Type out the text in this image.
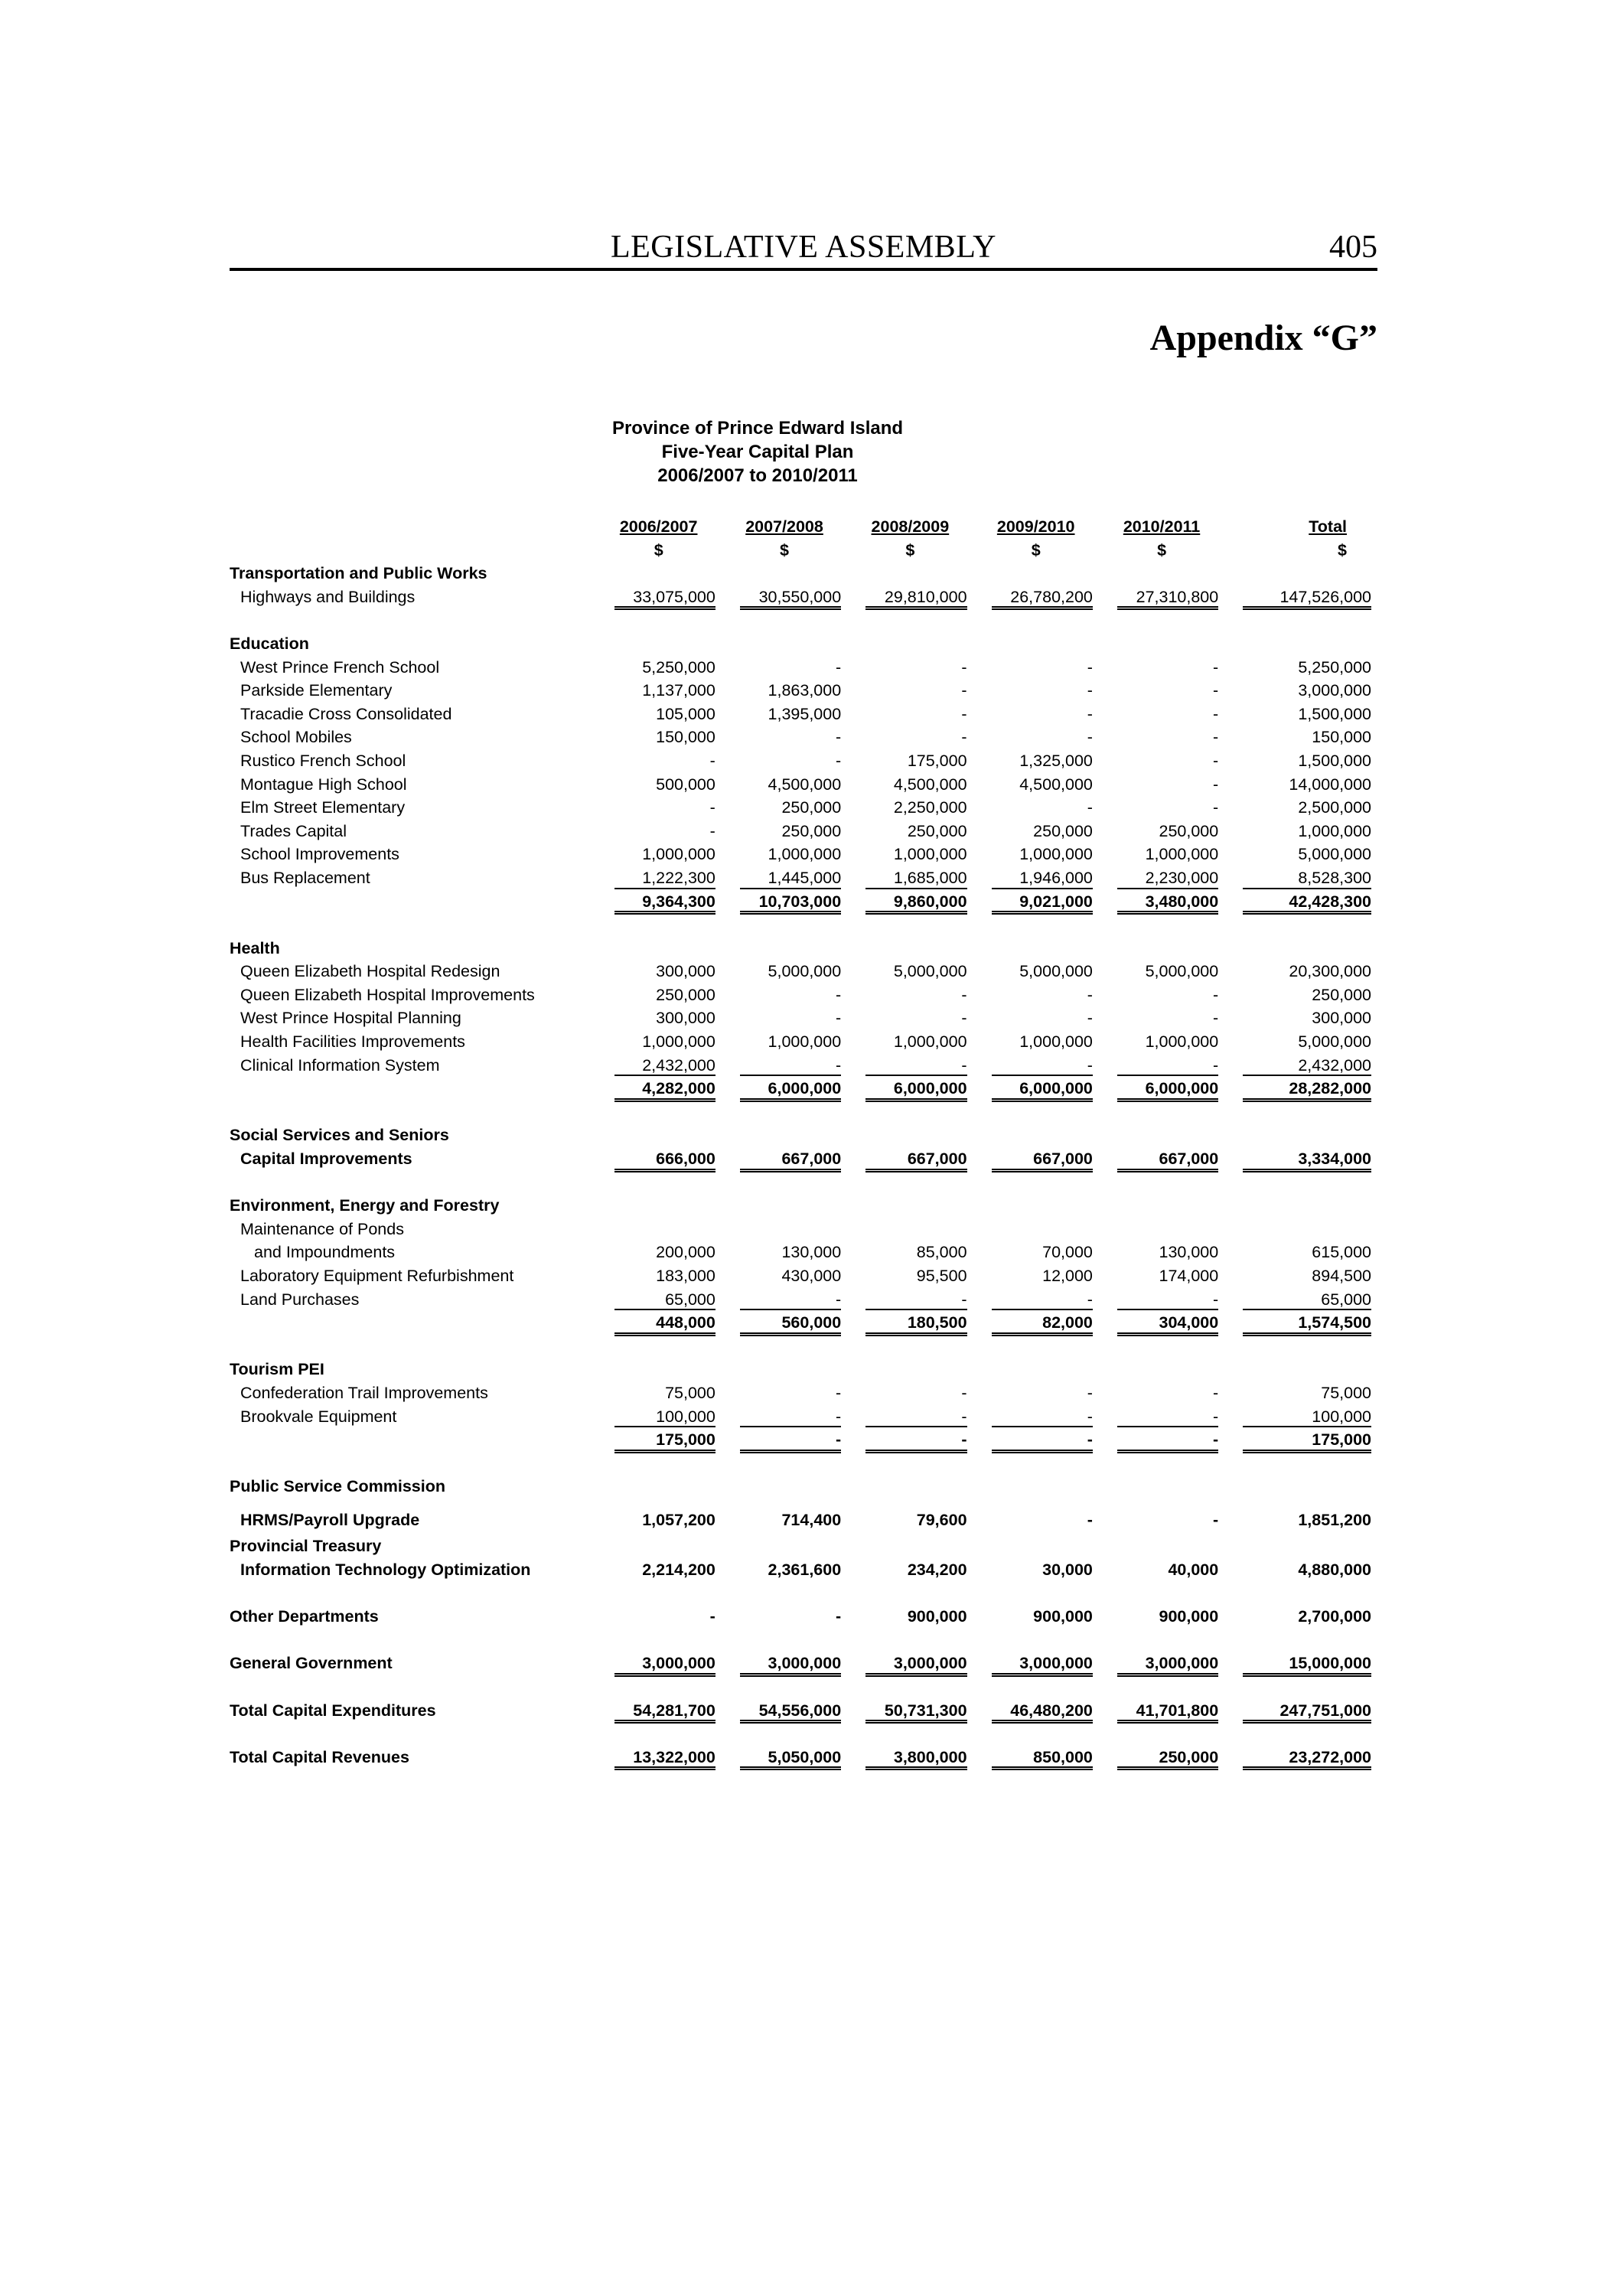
LEGISLATIVE ASSEMBLY	405
Appendix “G”
Province of Prince Edward Island
Five-Year Capital Plan
2006/2007 to 2010/2011
	2006/2007	2007/2008	2008/2009	2009/2010	2010/2011	Total
	$	$	$	$	$	$
Transportation and Public Works						
Highways and Buildings	33,075,000	30,550,000	29,810,000	26,780,200	27,310,800	147,526,000

Education						
West Prince French School	5,250,000	-	-	-	-	5,250,000
Parkside Elementary	1,137,000	1,863,000	-	-	-	3,000,000
Tracadie Cross Consolidated	105,000	1,395,000	-	-	-	1,500,000
School Mobiles	150,000	-	-	-	-	150,000
Rustico French School	-	-	175,000	1,325,000	-	1,500,000
Montague High School	500,000	4,500,000	4,500,000	4,500,000	-	14,000,000
Elm Street Elementary	-	250,000	2,250,000	-	-	2,500,000
Trades Capital	-	250,000	250,000	250,000	250,000	1,000,000
School Improvements	1,000,000	1,000,000	1,000,000	1,000,000	1,000,000	5,000,000
Bus Replacement	1,222,300	1,445,000	1,685,000	1,946,000	2,230,000	8,528,300
	9,364,300	10,703,000	9,860,000	9,021,000	3,480,000	42,428,300

Health						
Queen Elizabeth Hospital Redesign	300,000	5,000,000	5,000,000	5,000,000	5,000,000	20,300,000
Queen Elizabeth Hospital Improvements	250,000	-	-	-	-	250,000
West Prince Hospital Planning	300,000	-	-	-	-	300,000
Health Facilities Improvements	1,000,000	1,000,000	1,000,000	1,000,000	1,000,000	5,000,000
Clinical Information System	2,432,000	-	-	-	-	2,432,000
	4,282,000	6,000,000	6,000,000	6,000,000	6,000,000	28,282,000

Social Services and Seniors						
Capital Improvements	666,000	667,000	667,000	667,000	667,000	3,334,000

Environment, Energy and Forestry						
Maintenance of Ponds						
and Impoundments	200,000	130,000	85,000	70,000	130,000	615,000
Laboratory Equipment Refurbishment	183,000	430,000	95,500	12,000	174,000	894,500
Land Purchases	65,000	-	-	-	-	65,000
	448,000	560,000	180,500	82,000	304,000	1,574,500

Tourism PEI						
Confederation Trail Improvements	75,000	-	-	-	-	75,000
Brookvale Equipment	100,000	-	-	-	-	100,000
	175,000	-	-	-	-	175,000

Public Service Commission						
HRMS/Payroll Upgrade	1,057,200	714,400	79,600	-	-	1,851,200
Provincial Treasury						
Information Technology Optimization	2,214,200	2,361,600	234,200	30,000	40,000	4,880,000

Other Departments	-	-	900,000	900,000	900,000	2,700,000

General Government	3,000,000	3,000,000	3,000,000	3,000,000	3,000,000	15,000,000

Total Capital Expenditures	54,281,700	54,556,000	50,731,300	46,480,200	41,701,800	247,751,000

Total Capital Revenues	13,322,000	5,050,000	3,800,000	850,000	250,000	23,272,000
